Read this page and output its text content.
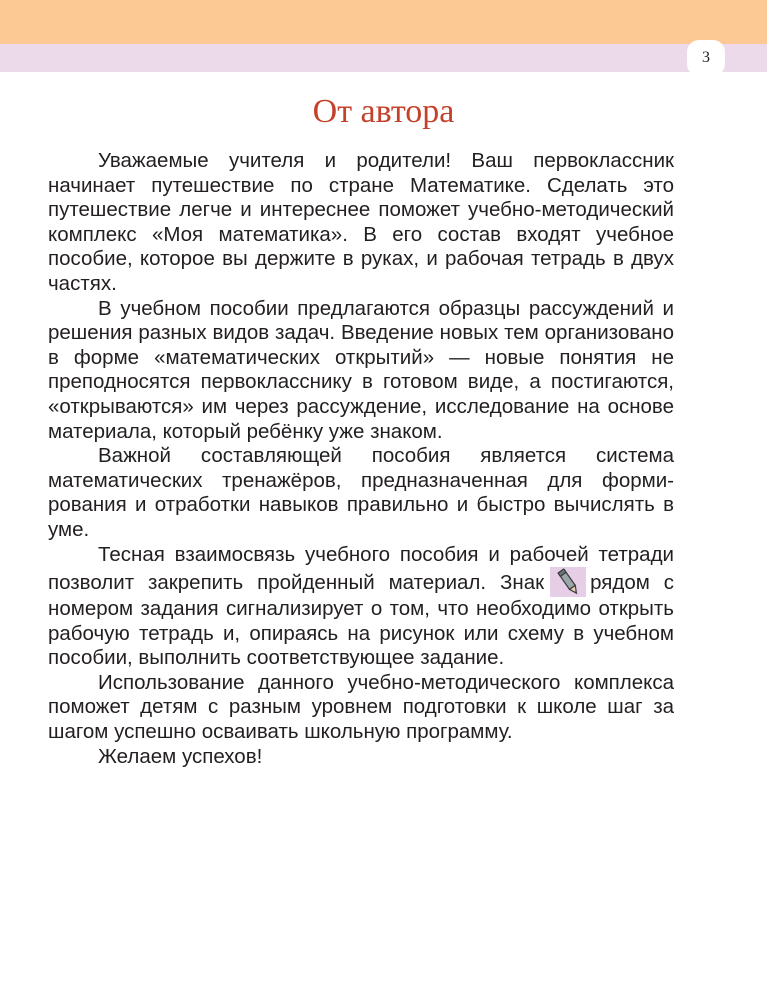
3
От автора

Уважаемые учителя и родители! Ваш первоклассник начинает путешествие по стране Математике. Сделать это путешествие легче и интереснее поможет учебно-методический комплекс «Моя математика». В его состав входят учебное пособие, которое вы держите в руках, и рабочая тетрадь в двух частях.

В учебном пособии предлагаются образцы рассуждений и решения разных видов задач. Введение новых тем организовано в форме «математических открытий» — новые понятия не преподносятся первокласснику в готовом виде, а постигаются, «открываются» им через рассуждение, исследование на основе материала, который ребёнку уже знаком.

Важной составляющей пособия является система математических тренажёров, предназначенная для формирования и отработки навыков правильно и быстро вычислять в уме.

Тесная взаимосвязь учебного пособия и рабочей тетради позволит закрепить пройденный материал. Знак рядом с номером задания сигнализирует о том, что необходимо открыть рабочую тетрадь и, опираясь на рисунок или схему в учебном пособии, выполнить соответствующее задание.

Использование данного учебно-методического комплекса поможет детям с разным уровнем подготовки к школе шаг за шагом успешно осваивать школьную программу.

Желаем успехов!
